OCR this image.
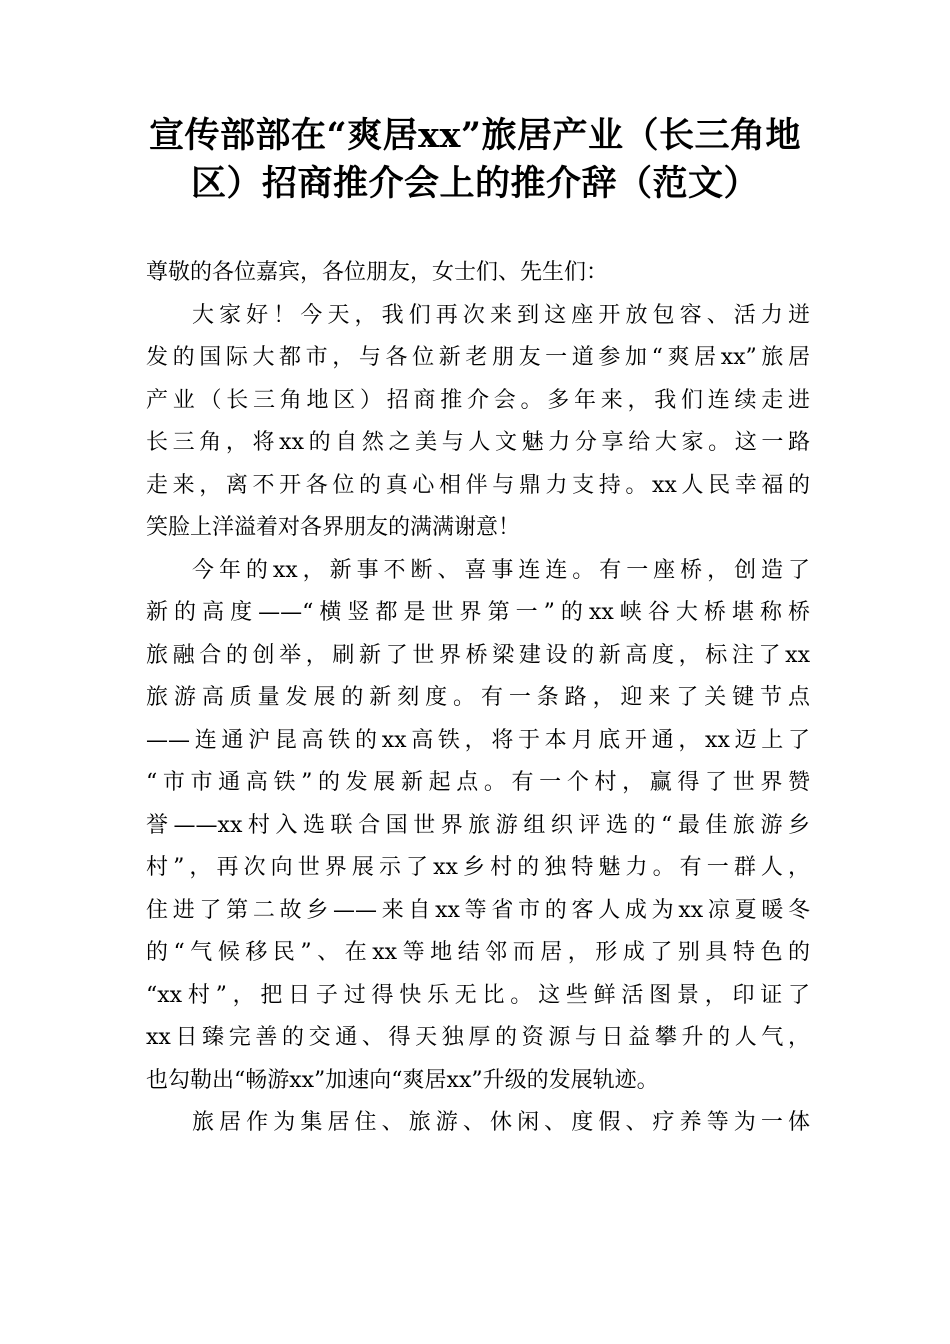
宣传部部在“爽居xx”旅居产业（长三角地
区）招商推介会上的推介辞（范文）
尊敬的各位嘉宾，各位朋友，女士们、先生们：
大家好！今天，我们再次来到这座开放包容、活力迸
发的国际大都市，与各位新老朋友一道参加“爽居xx”旅居
产业（长三角地区）招商推介会。多年来，我们连续走进
长三角，将xx的自然之美与人文魅力分享给大家。这一路
走来，离不开各位的真心相伴与鼎力支持。xx人民幸福的
笑脸上洋溢着对各界朋友的满满谢意！
今年的xx，新事不断、喜事连连。有一座桥，创造了
新的高度——“横竖都是世界第一”的xx峡谷大桥堪称桥
旅融合的创举，刷新了世界桥梁建设的新高度，标注了xx
旅游高质量发展的新刻度。有一条路，迎来了关键节点
——连通沪昆高铁的xx高铁，将于本月底开通，xx迈上了
“市市通高铁”的发展新起点。有一个村，赢得了世界赞
誉——xx村入选联合国世界旅游组织评选的“最佳旅游乡
村”，再次向世界展示了xx乡村的独特魅力。有一群人，
住进了第二故乡——来自xx等省市的客人成为xx凉夏暖冬
的“气候移民”、在xx等地结邻而居，形成了别具特色的
“xx村”，把日子过得快乐无比。这些鲜活图景，印证了
xx日臻完善的交通、得天独厚的资源与日益攀升的人气，
也勾勒出“畅游xx”加速向“爽居xx”升级的发展轨迹。
旅居作为集居住、旅游、休闲、度假、疗养等为一体
